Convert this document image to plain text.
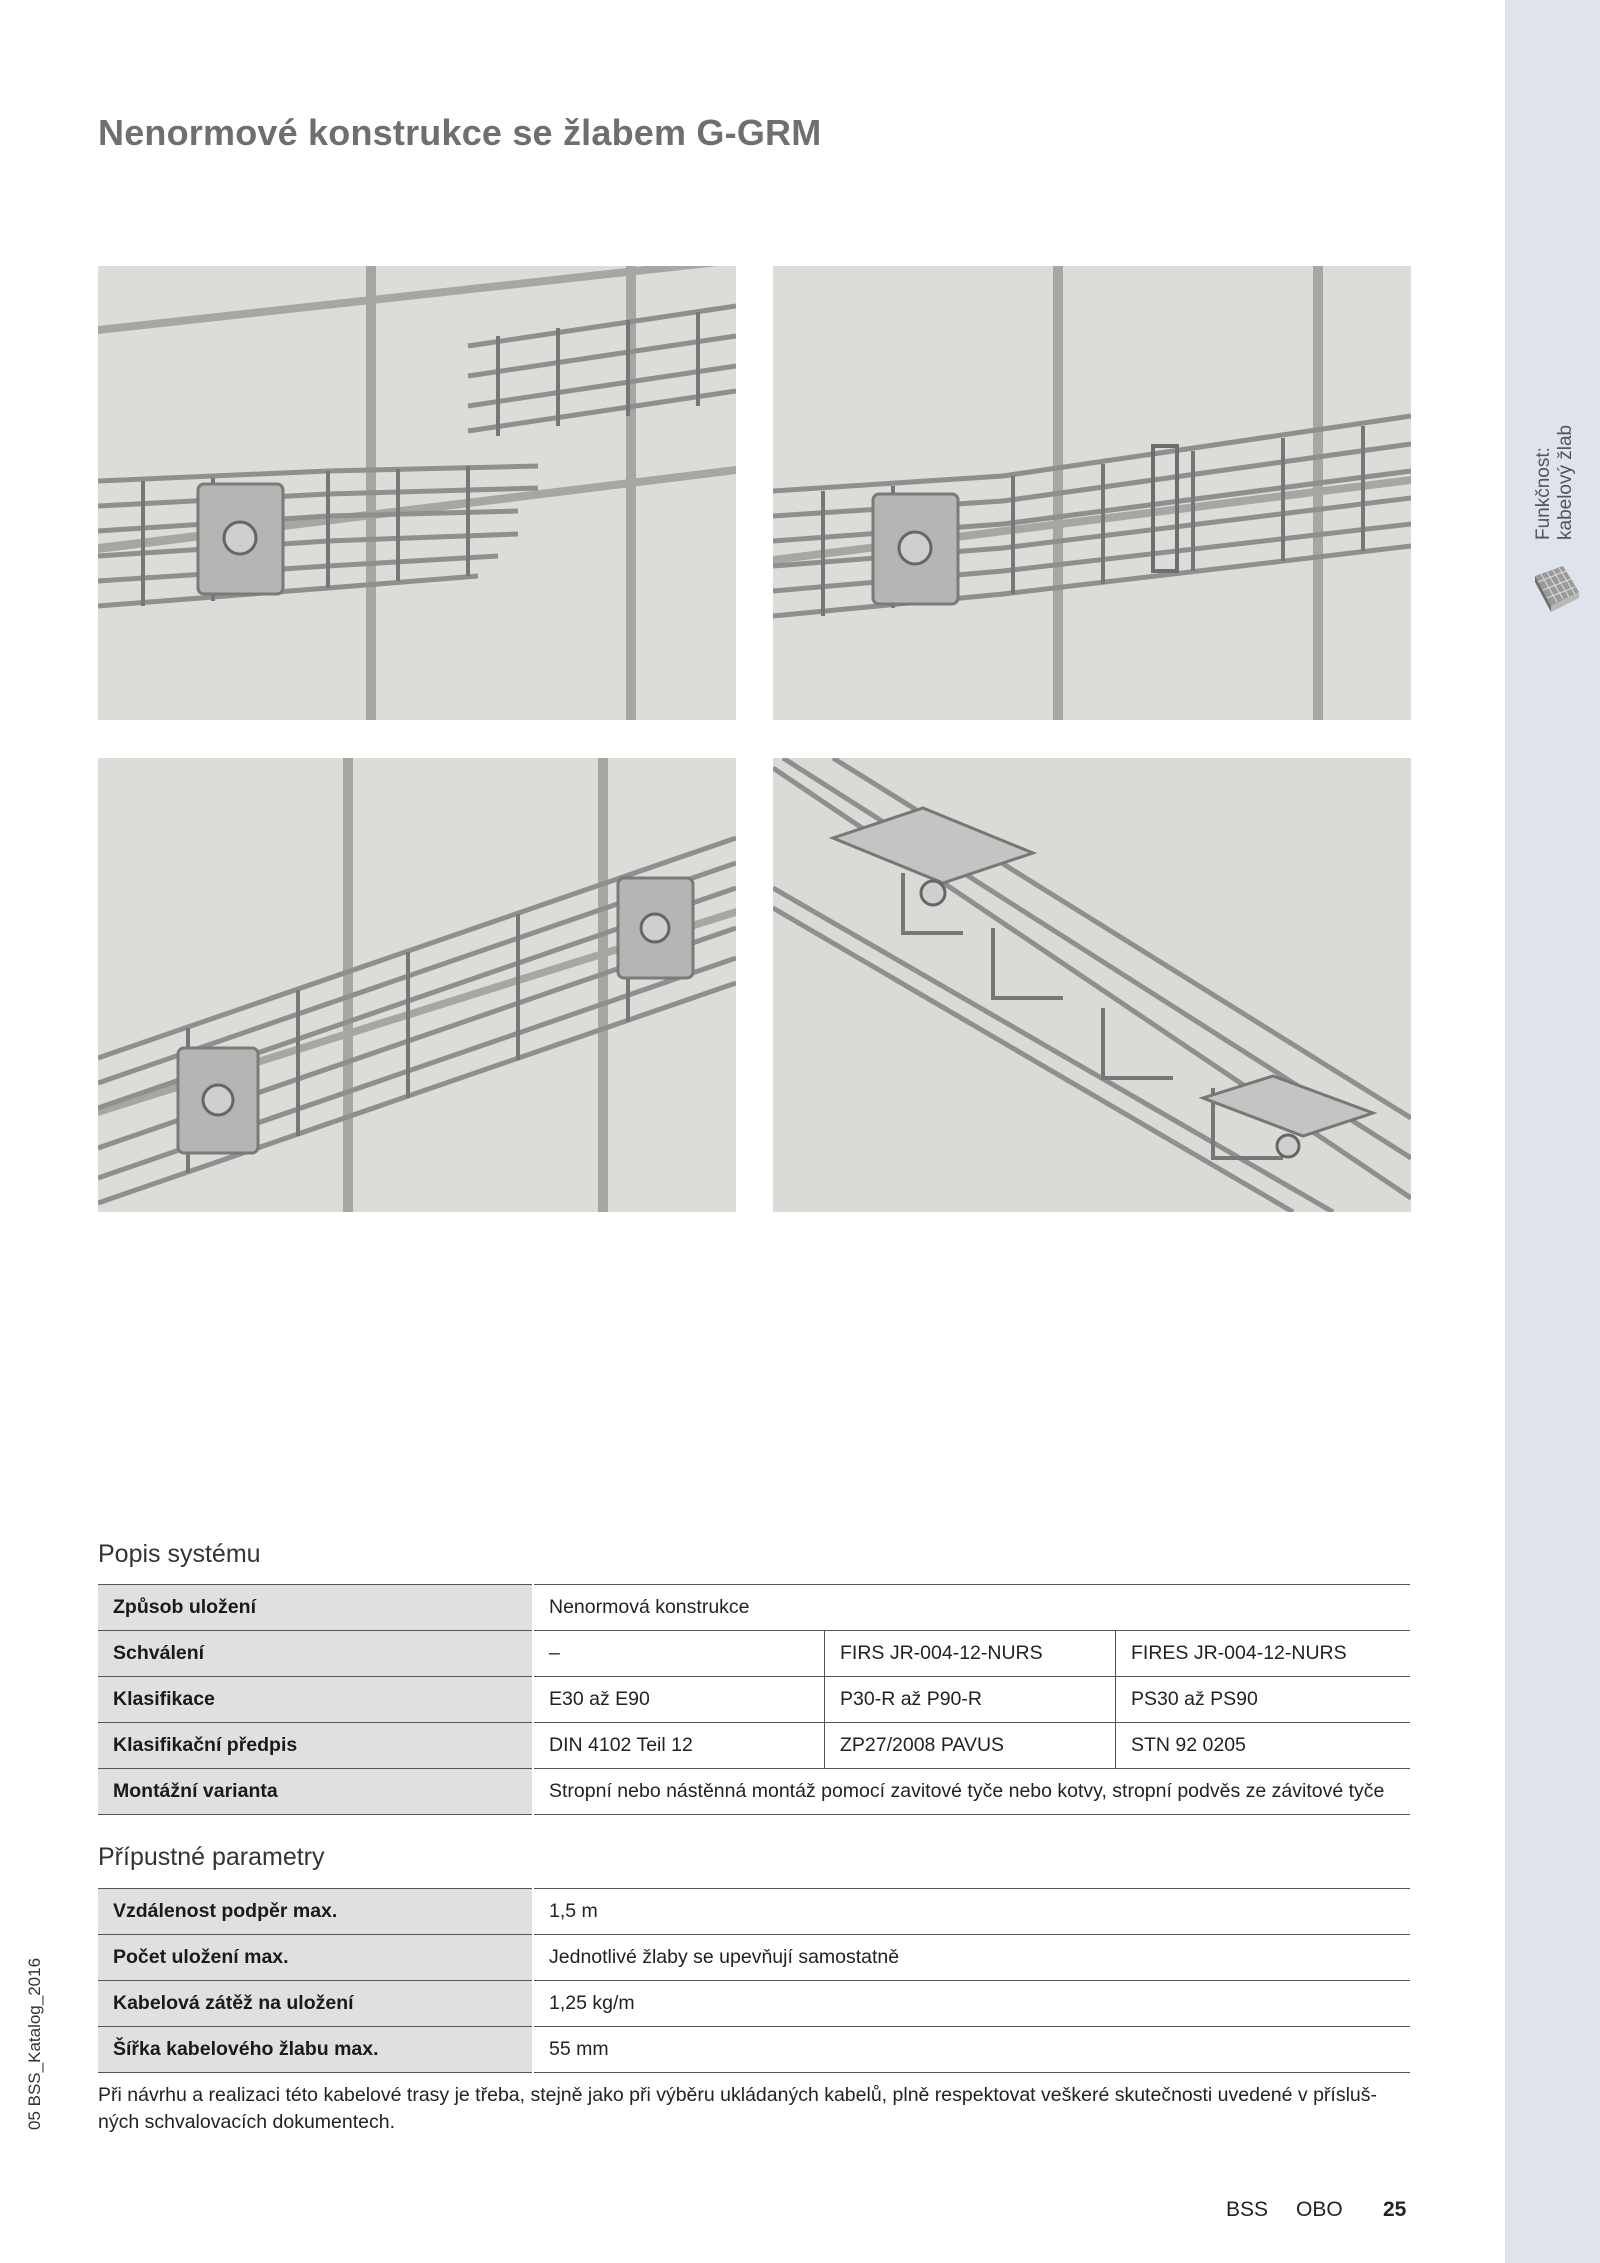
Nenormové konstrukce se žlabem G-GRM
Funkčnost: kabelový žlab
05 BSS_Katalog_2016
Popis systému
Způsob uložení	Nenormová konstrukce		
Schválení	–	FIRS JR-004-12-NURS	FIRES JR-004-12-NURS
Klasifikace	E30 až E90	P30-R až P90-R	PS30 až PS90
Klasifikační předpis	DIN 4102 Teil 12	ZP27/2008 PAVUS	STN 92 0205
Montážní varianta	Stropní nebo nástěnná montáž pomocí zavitové tyče nebo kotvy, stropní podvěs ze závitové tyče		
Přípustné parametry
Vzdálenost podpěr max.	1,5 m
Počet uložení max.	Jednotlivé žlaby se upevňují samostatně
Kabelová zátěž na uložení	1,25 kg/m
Šířka kabelového žlabu max.	55 mm

Při návrhu a realizaci této kabelové trasy je třeba, stejně jako při výběru ukládaných kabelů, plně respektovat veškeré skutečnosti uvedené v přísluš- ných schvalovacích dokumentech.

BSS OBO 25
